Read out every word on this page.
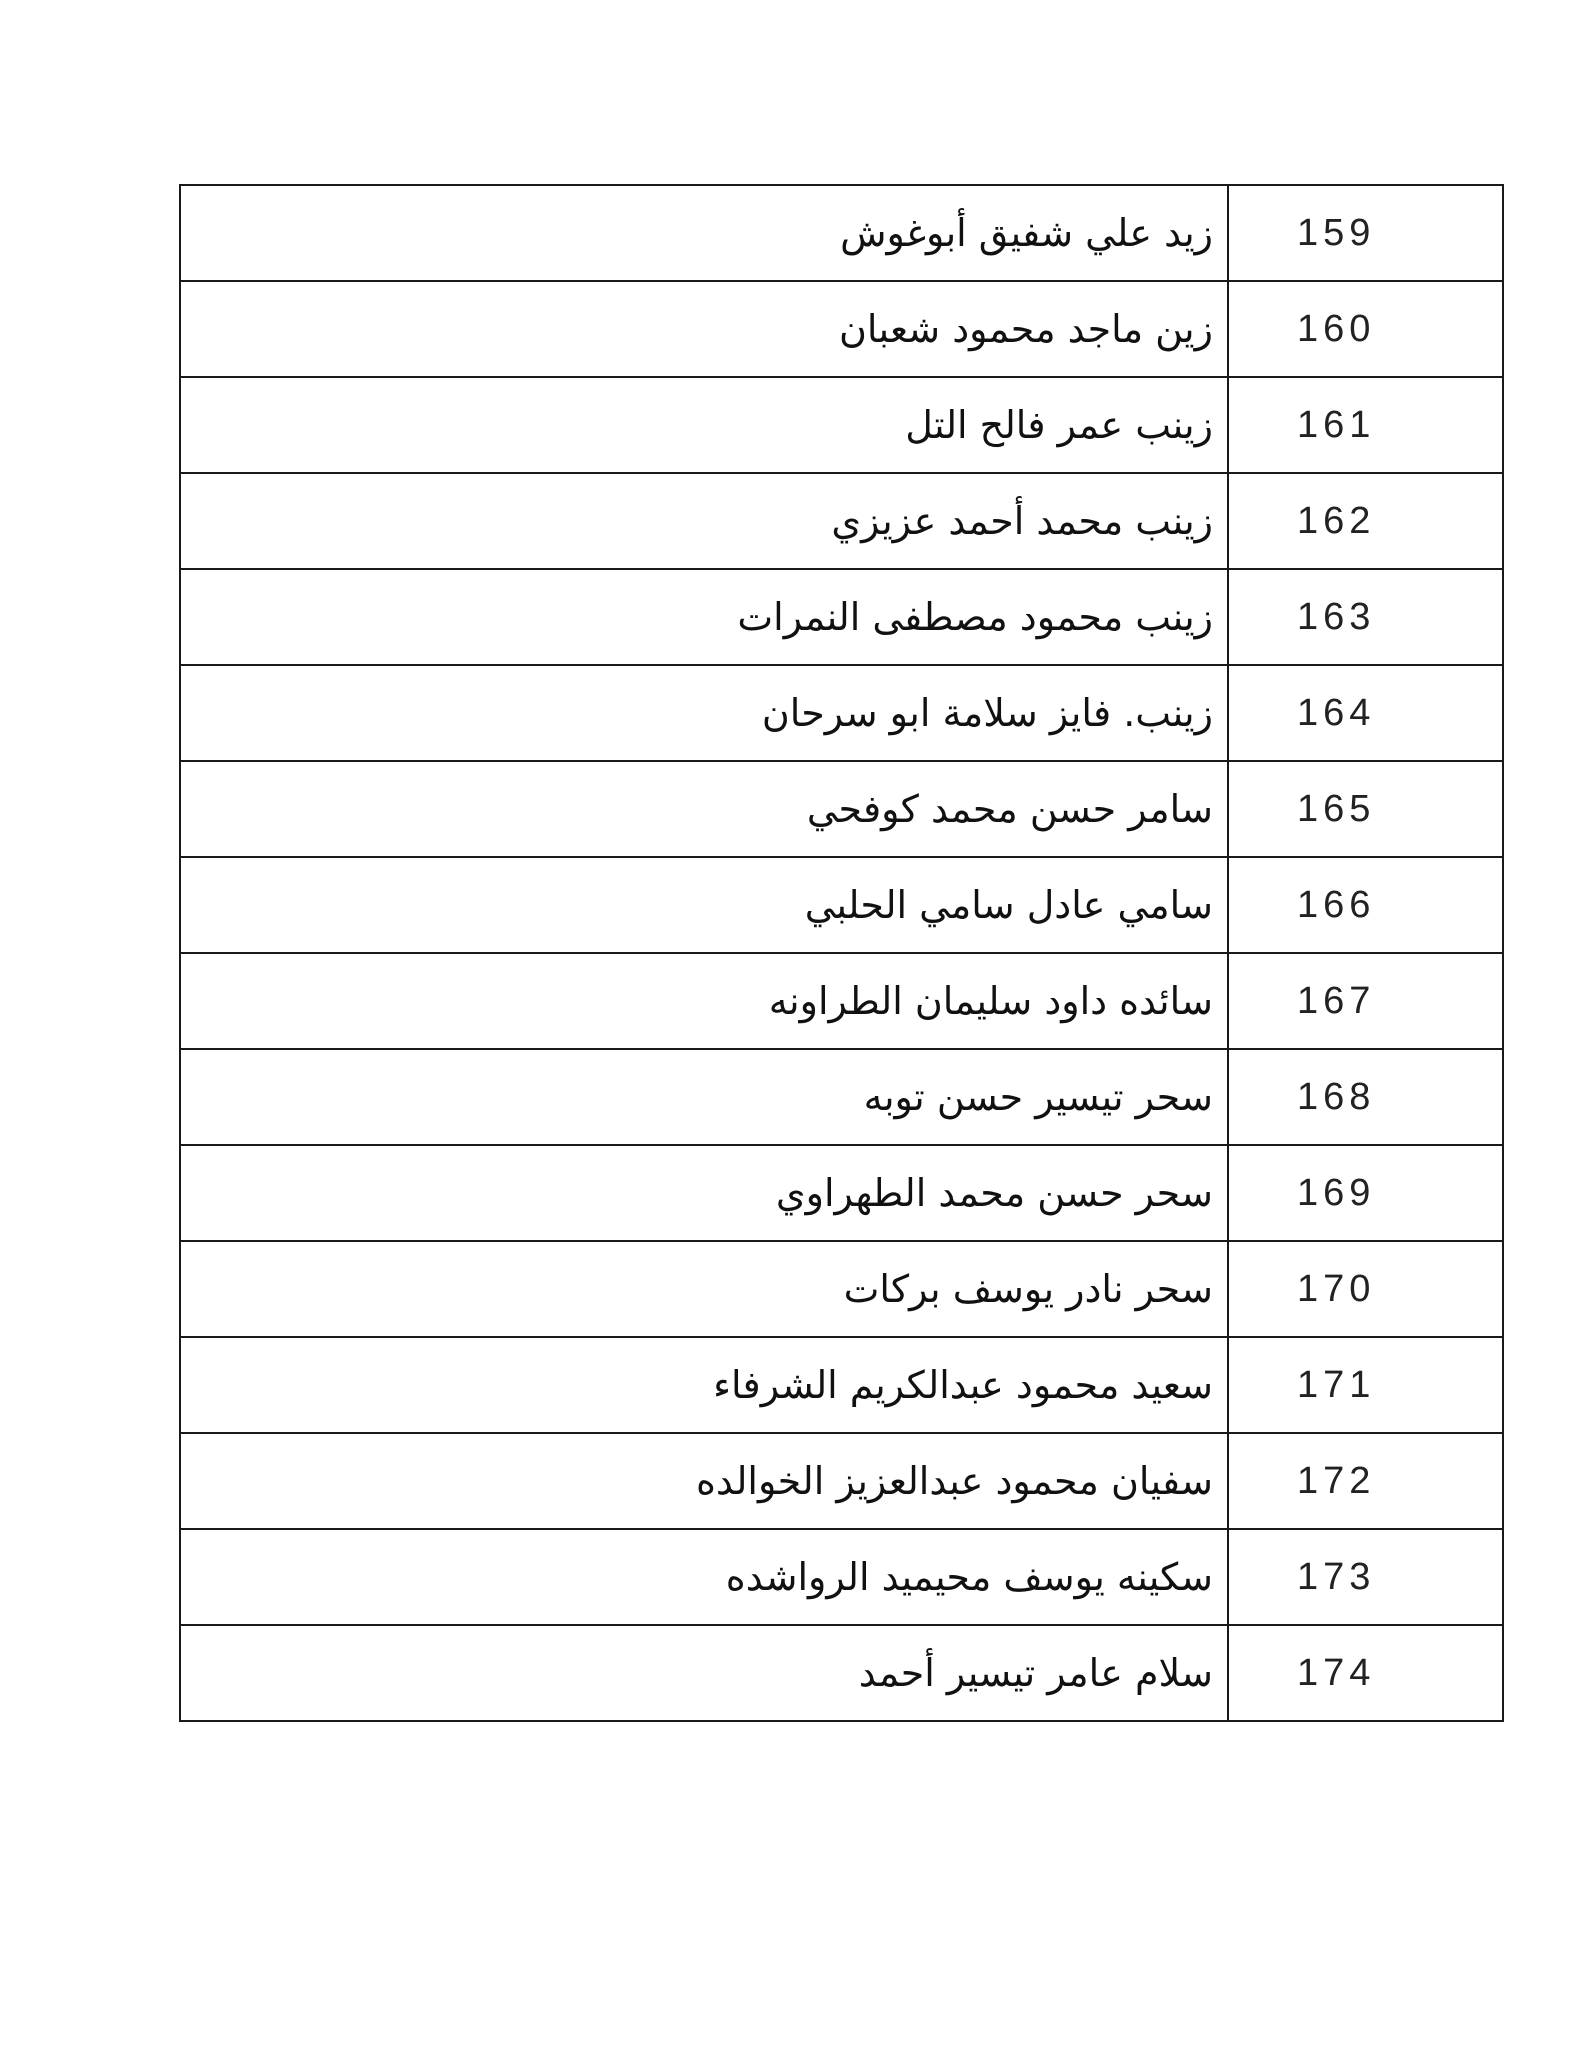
زيد علي شفيق أبوغوش	159
زين ماجد محمود شعبان	160
زينب عمر فالح التل	161
زينب محمد أحمد عزيزي	162
زينب محمود مصطفى النمرات	163
زينب. فايز سلامة ابو سرحان	164
سامر حسن محمد كوفحي	165
سامي عادل سامي الحلبي	166
سائده داود سليمان الطراونه	167
سحر تيسير حسن توبه	168
سحر حسن محمد الطهراوي	169
سحر نادر يوسف بركات	170
سعيد محمود عبدالكريم الشرفاء	171
سفيان محمود عبدالعزيز الخوالده	172
سكينه يوسف محيميد الرواشده	173
سلام عامر تيسير أحمد	174
